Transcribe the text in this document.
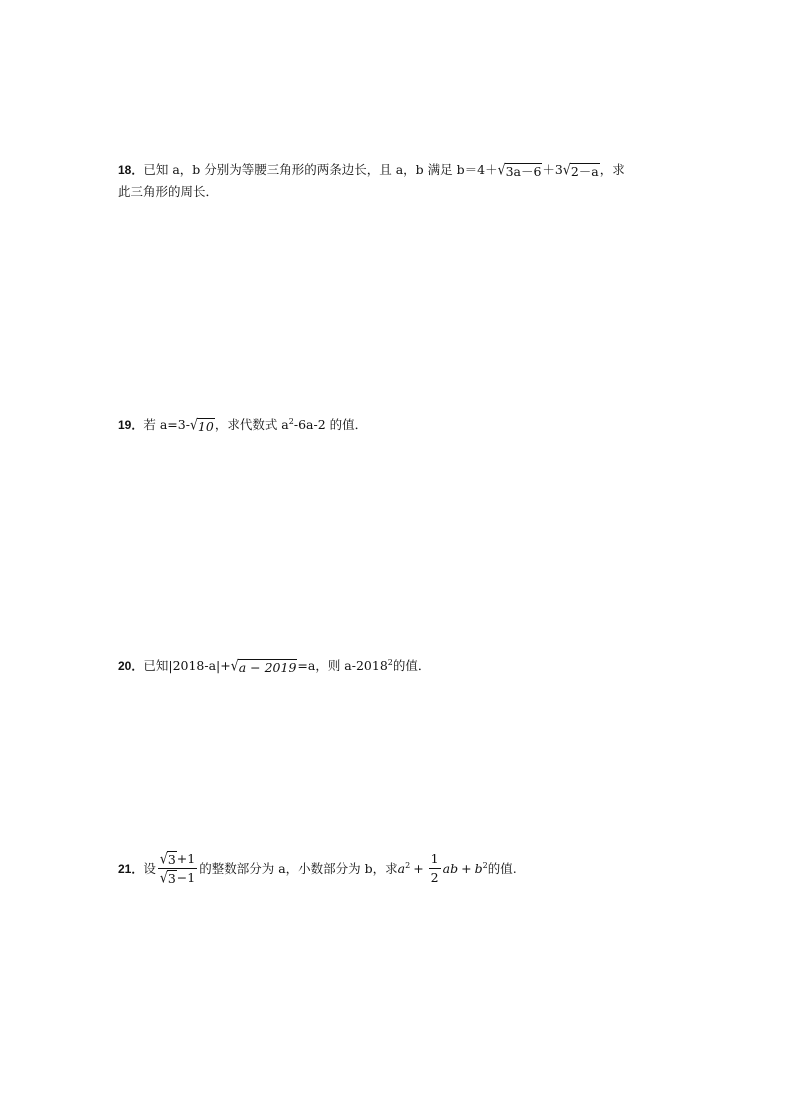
18．已知 a，b 分别为等腰三角形的两条边长，且 a，b 满足 b＝4＋ √ 3a－6 ＋3 √ 2－a ，求
此三角形的周长．
19．若 a=3- √ 10 ，求代数式 $a^2-6a-2$ 的值．
20．已知|2018-a|+ √ a − 2019 =a，则 a-2018$^2$的值．
21． 设 $\frac{√ 3 +1}{√ 3 -1}$ 的整数部分为 a，小数部分为 b，求 $a^2 + \frac{1}{2}$ ab + $b^2$ 的值.
